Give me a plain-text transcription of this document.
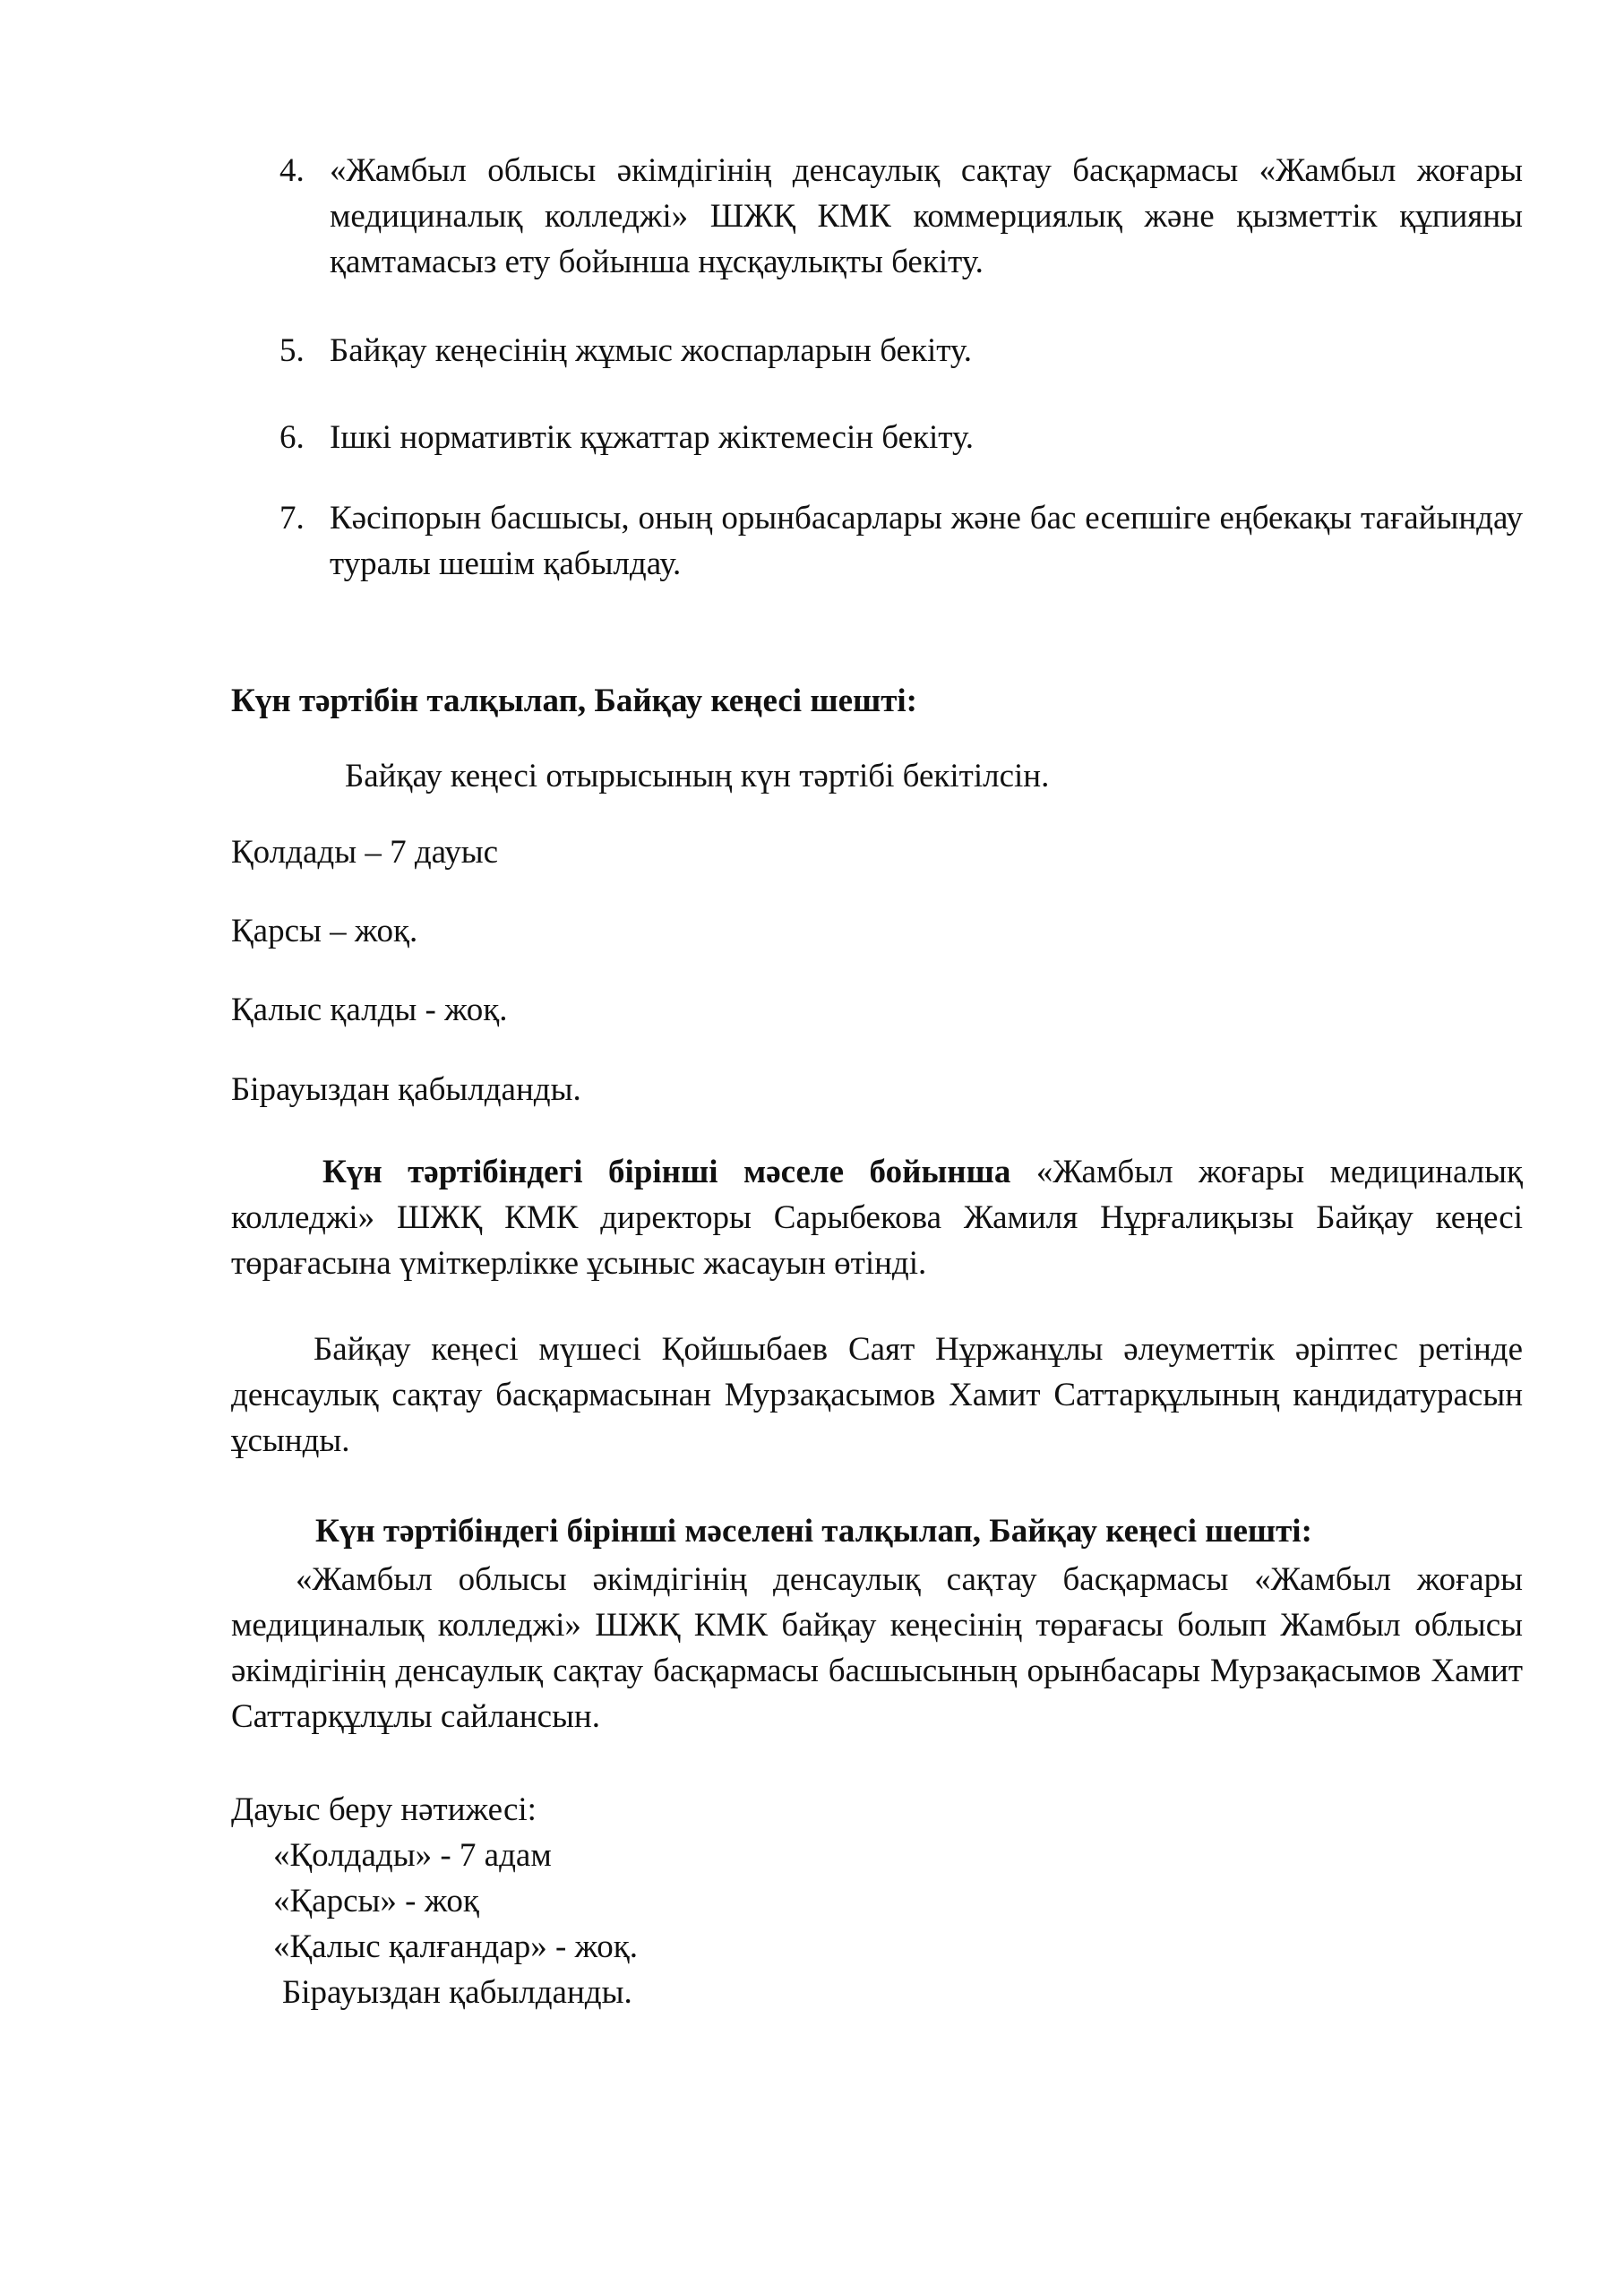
4. «Жамбыл облысы әкімдігінің денсаулық сақтау басқармасы «Жамбыл жоғары медициналық колледжі» ШЖҚ КМК коммерциялық және қызметтік құпияны қамтамасыз ету бойынша нұсқаулықты бекіту.
5. Байқау кеңесінің жұмыс жоспарларын бекіту.
6. Ішкі нормативтік құжаттар жіктемесін бекіту.
7. Кәсіпорын басшысы, оның орынбасарлары және бас есепшіге еңбекақы тағайындау туралы шешім қабылдау.

Күн тәртібін талқылап, Байқау кеңесі шешті:

Байқау кеңесі отырысының күн тәртібі бекітілсін.

Қолдады – 7 дауыс

Қарсы – жоқ.

Қалыс қалды - жоқ.

Бірауыздан қабылданды.

Күн тәртібіндегі бірінші мәселе бойынша «Жамбыл жоғары медициналық колледжі» ШЖҚ КМК директоры Сарыбекова Жамиля Нұрғалиқызы Байқау кеңесі төрағасына үміткерлікке ұсыныс жасауын өтінді.

Байқау кеңесі мүшесі Қойшыбаев Саят Нұржанұлы әлеуметтік әріптес ретінде денсаулық сақтау басқармасынан Мурзақасымов Хамит Саттарқұлының кандидатурасын ұсынды.

Күн тәртібіндегі бірінші мәселені талқылап, Байқау кеңесі шешті:

«Жамбыл облысы әкімдігінің денсаулық сақтау басқармасы «Жамбыл жоғары медициналық колледжі» ШЖҚ КМК байқау кеңесінің төрағасы болып Жамбыл облысы әкімдігінің денсаулық сақтау басқармасы басшысының орынбасары Мурзақасымов Хамит Саттарқұлұлы сайлансын.

Дауыс беру нәтижесі:

«Қолдады» - 7 адам

«Қарсы» - жоқ

«Қалыс қалғандар» - жоқ.

Бірауыздан қабылданды.
